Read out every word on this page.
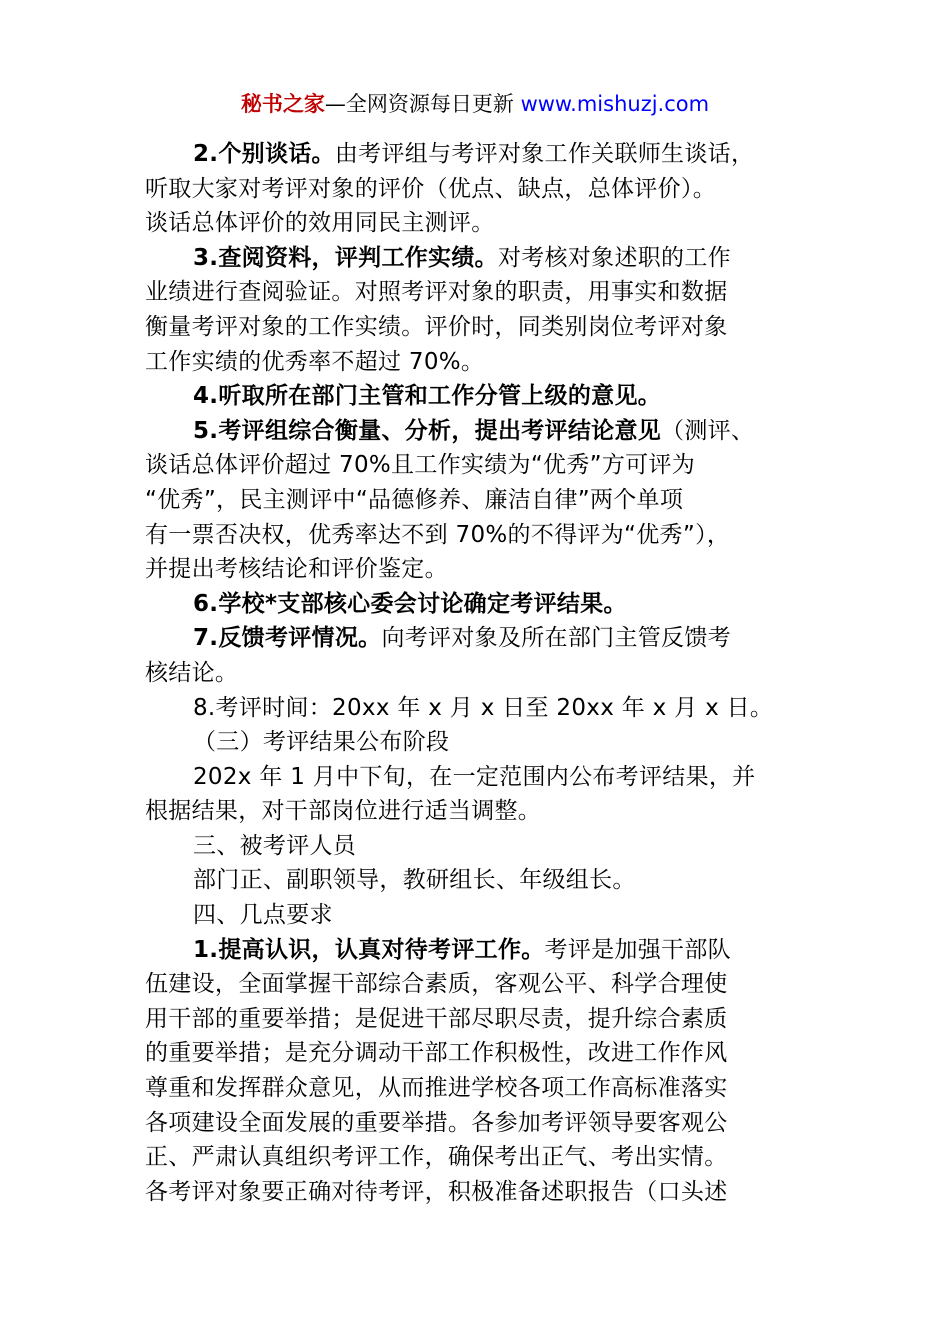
秘书之家—全网资源每日更新 www.mishuzj.com
2.个别谈话。由考评组与考评对象工作关联师生谈话，
听取大家对考评对象的评价（优点、缺点，总体评价）。
谈话总体评价的效用同民主测评。
3.查阅资料，评判工作实绩。对考核对象述职的工作
业绩进行查阅验证。对照考评对象的职责，用事实和数据
衡量考评对象的工作实绩。评价时，同类别岗位考评对象
工作实绩的优秀率不超过 70%。
4.听取所在部门主管和工作分管上级的意见。
5.考评组综合衡量、分析，提出考评结论意见（测评、
谈话总体评价超过 70%且工作实绩为“优秀”方可评为
“优秀”，民主测评中“品德修养、廉洁自律”两个单项
有一票否决权，优秀率达不到 70%的不得评为“优秀”），
并提出考核结论和评价鉴定。
6.学校*支部核心委会讨论确定考评结果。
7.反馈考评情况。向考评对象及所在部门主管反馈考
核结论。
8.考评时间：20xx 年 x 月 x 日至 20xx 年 x 月 x 日。
（三）考评结果公布阶段
202x 年 1 月中下旬，在一定范围内公布考评结果，并
根据结果，对干部岗位进行适当调整。
三、被考评人员
部门正、副职领导，教研组长、年级组长。
四、几点要求
1.提高认识，认真对待考评工作。考评是加强干部队
伍建设，全面掌握干部综合素质，客观公平、科学合理使
用干部的重要举措；是促进干部尽职尽责，提升综合素质
的重要举措；是充分调动干部工作积极性，改进工作作风
尊重和发挥群众意见，从而推进学校各项工作高标准落实
各项建设全面发展的重要举措。各参加考评领导要客观公
正、严肃认真组织考评工作，确保考出正气、考出实情。
各考评对象要正确对待考评，积极准备述职报告（口头述
